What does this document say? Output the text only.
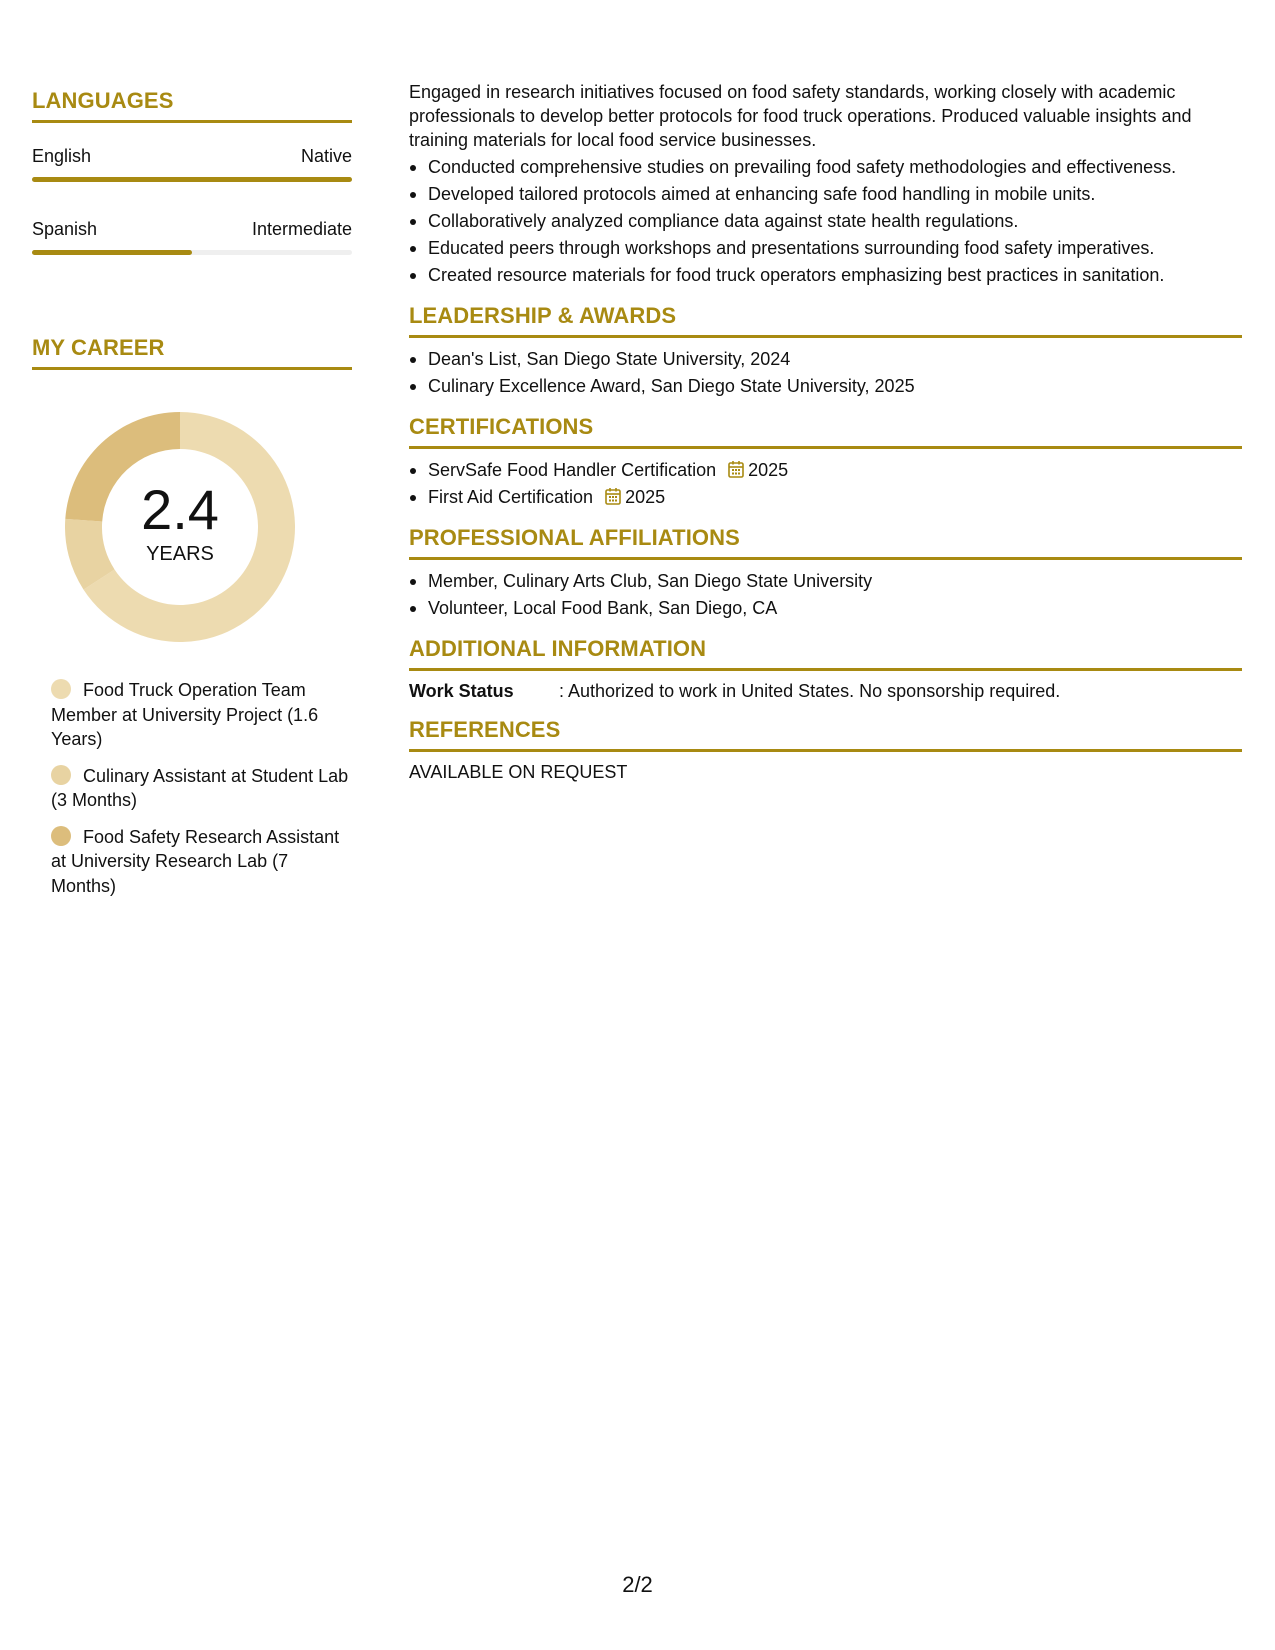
LANGUAGES
English	Native
Spanish	Intermediate
MY CAREER
2.4
YEARS
Food Truck Operation Team Member at University Project (1.6 Years)
Culinary Assistant at Student Lab (3 Months)
Food Safety Research Assistant at University Research Lab (7 Months)
Engaged in research initiatives focused on food safety standards, working closely with academic professionals to develop better protocols for food truck operations. Produced valuable insights and training materials for local food service businesses.
Conducted comprehensive studies on prevailing food safety methodologies and effectiveness.
Developed tailored protocols aimed at enhancing safe food handling in mobile units.
Collaboratively analyzed compliance data against state health regulations.
Educated peers through workshops and presentations surrounding food safety imperatives.
Created resource materials for food truck operators emphasizing best practices in sanitation.
LEADERSHIP & AWARDS
Dean's List, San Diego State University, 2024
Culinary Excellence Award, San Diego State University, 2025
CERTIFICATIONS
ServSafe Food Handler Certification 2025
First Aid Certification 2025
PROFESSIONAL AFFILIATIONS
Member, Culinary Arts Club, San Diego State University
Volunteer, Local Food Bank, San Diego, CA
ADDITIONAL INFORMATION
Work Status	: Authorized to work in United States. No sponsorship required.
REFERENCES
AVAILABLE ON REQUEST
2/2
